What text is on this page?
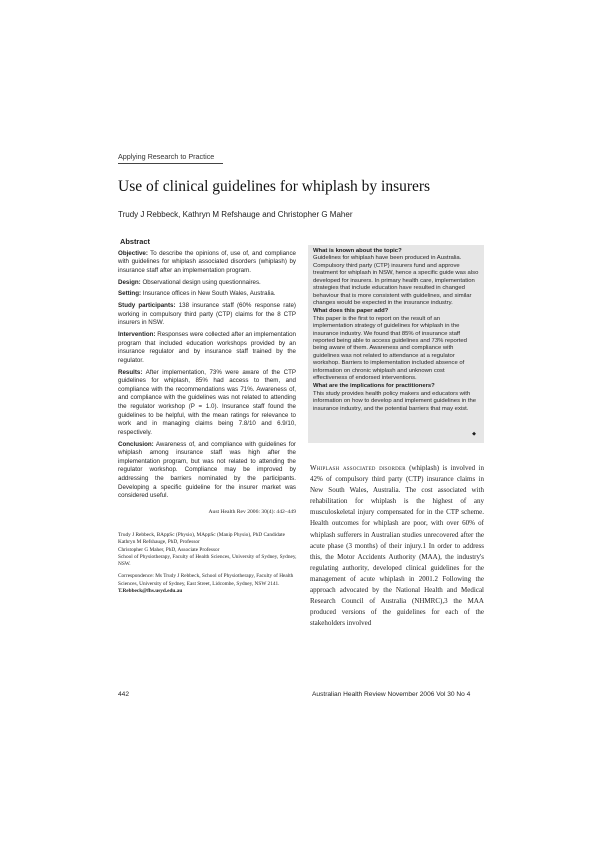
Applying Research to Practice
Use of clinical guidelines for whiplash by insurers
Trudy J Rebbeck, Kathryn M Refshauge and Christopher G Maher
Abstract

Objective: To describe the opinions of, use of, and compliance with guidelines for whiplash associated disorders (whiplash) by insurance staff after an implementation program.

Design: Observational design using questionnaires.

Setting: Insurance offices in New South Wales, Australia.

Study participants: 138 insurance staff (60% response rate) working in compulsory third party (CTP) claims for the 8 CTP insurers in NSW.

Intervention: Responses were collected after an implementation program that included education workshops provided by an insurance regulator and by insurance staff trained by the regulator.

Results: After implementation, 73% were aware of the CTP guidelines for whiplash, 85% had access to them, and compliance with the recommendations was 71%. Awareness of, and compliance with the guidelines was not related to attending the regulator workshop (P = 1.0). Insurance staff found the guidelines to be helpful, with the mean ratings for relevance to work and in managing claims being 7.8/10 and 6.9/10, respectively.

Conclusion: Awareness of, and compliance with guidelines for whiplash among insurance staff was high after the implementation program, but was not related to attending the regulator workshop. Compliance may be improved by addressing the barriers nominated by the participants. Developing a specific guideline for the insurer market was considered useful.

Aust Health Rev 2006: 30(4): 442–449

Trudy J Rebbeck, BAppSc (Physio), MAppSc (Manip Physio), PhD Candidate

Kathryn M Refshauge, PhD, Professor

Christopher G Maher, PhD, Associate Professor

School of Physiotherapy, Faculty of Health Sciences, University of Sydney, Sydney, NSW.

Correspondence: Ms Trudy J Rebbeck, School of Physiotherapy, Faculty of Health Sciences, University of Sydney, East Street, Lidcombe, Sydney, NSW 2141.

T.Rebbeck@fhs.usyd.edu.au

What is known about the topic?

Guidelines for whiplash have been produced in Australia. Compulsory third party (CTP) insurers fund and approve treatment for whiplash in NSW, hence a specific guide was also developed for insurers. In primary health care, implementation strategies that include education have resulted in changed behaviour that is more consistent with guidelines, and similar changes would be expected in the insurance industry.

What does this paper add?

This paper is the first to report on the result of an implementation strategy of guidelines for whiplash in the insurance industry. We found that 85% of insurance staff reported being able to access guidelines and 73% reported being aware of them. Awareness and compliance with guidelines was not related to attendance at a regulator workshop. Barriers to implementation included absence of information on chronic whiplash and unknown cost effectiveness of endorsed interventions.

What are the implications for practitioners?

This study provides health policy makers and educators with information on how to develop and implement guidelines in the insurance industry, and the potential barriers that may exist.

◆

Whiplash associated disorder (whiplash) is involved in 42% of compulsory third party (CTP) insurance claims in New South Wales, Australia. The cost associated with rehabilitation for whiplash is the highest of any musculoskeletal injury compensated for in the CTP scheme. Health outcomes for whiplash are poor, with over 60% of whiplash sufferers in Australian studies unrecovered after the acute phase (3 months) of their injury.1 In order to address this, the Motor Accidents Authority (MAA), the industry's regulating authority, developed clinical guidelines for the management of acute whiplash in 2001.2 Following the approach advocated by the National Health and Medical Research Council of Australia (NHMRC),3 the MAA produced versions of the guidelines for each of the stakeholders involved

442	Australian Health Review November 2006 Vol 30 No 4
